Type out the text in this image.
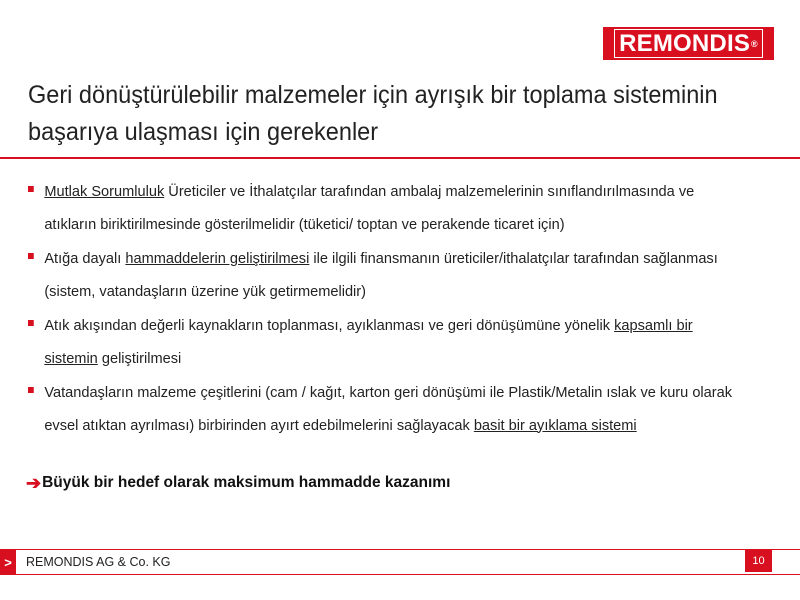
REMONDIS ®
Geri dönüştürülebilir malzemeler için ayrışık bir toplama sisteminin
başarıya ulaşması için gerekenler
Mutlak Sorumluluk Üreticiler ve İthalatçılar tarafından ambalaj malzemelerinin sınıflandırılmasında ve atıkların biriktirilmesinde gösterilmelidir (tüketici/ toptan ve perakende ticaret için)
Atığa dayalı hammaddelerin geliştirilmesi ile ilgili finansmanın üreticiler/ithalatçılar tarafından sağlanması (sistem, vatandaşların üzerine yük getirmemelidir)
Atık akışından değerli kaynakların toplanması, ayıklanması ve geri dönüşümüne yönelik kapsamlı bir sistemin geliştirilmesi
Vatandaşların malzeme çeşitlerini (cam / kağıt, karton geri dönüşümi ile Plastik/Metalin ıslak ve kuru olarak evsel atıktan ayrılması) birbirinden ayırt edebilmelerini sağlayacak basit bir ayıklama sistemi
➔ Büyük bir hedef olarak maksimum hammadde kazanımı
>	REMONDIS AG & Co. KG	10
